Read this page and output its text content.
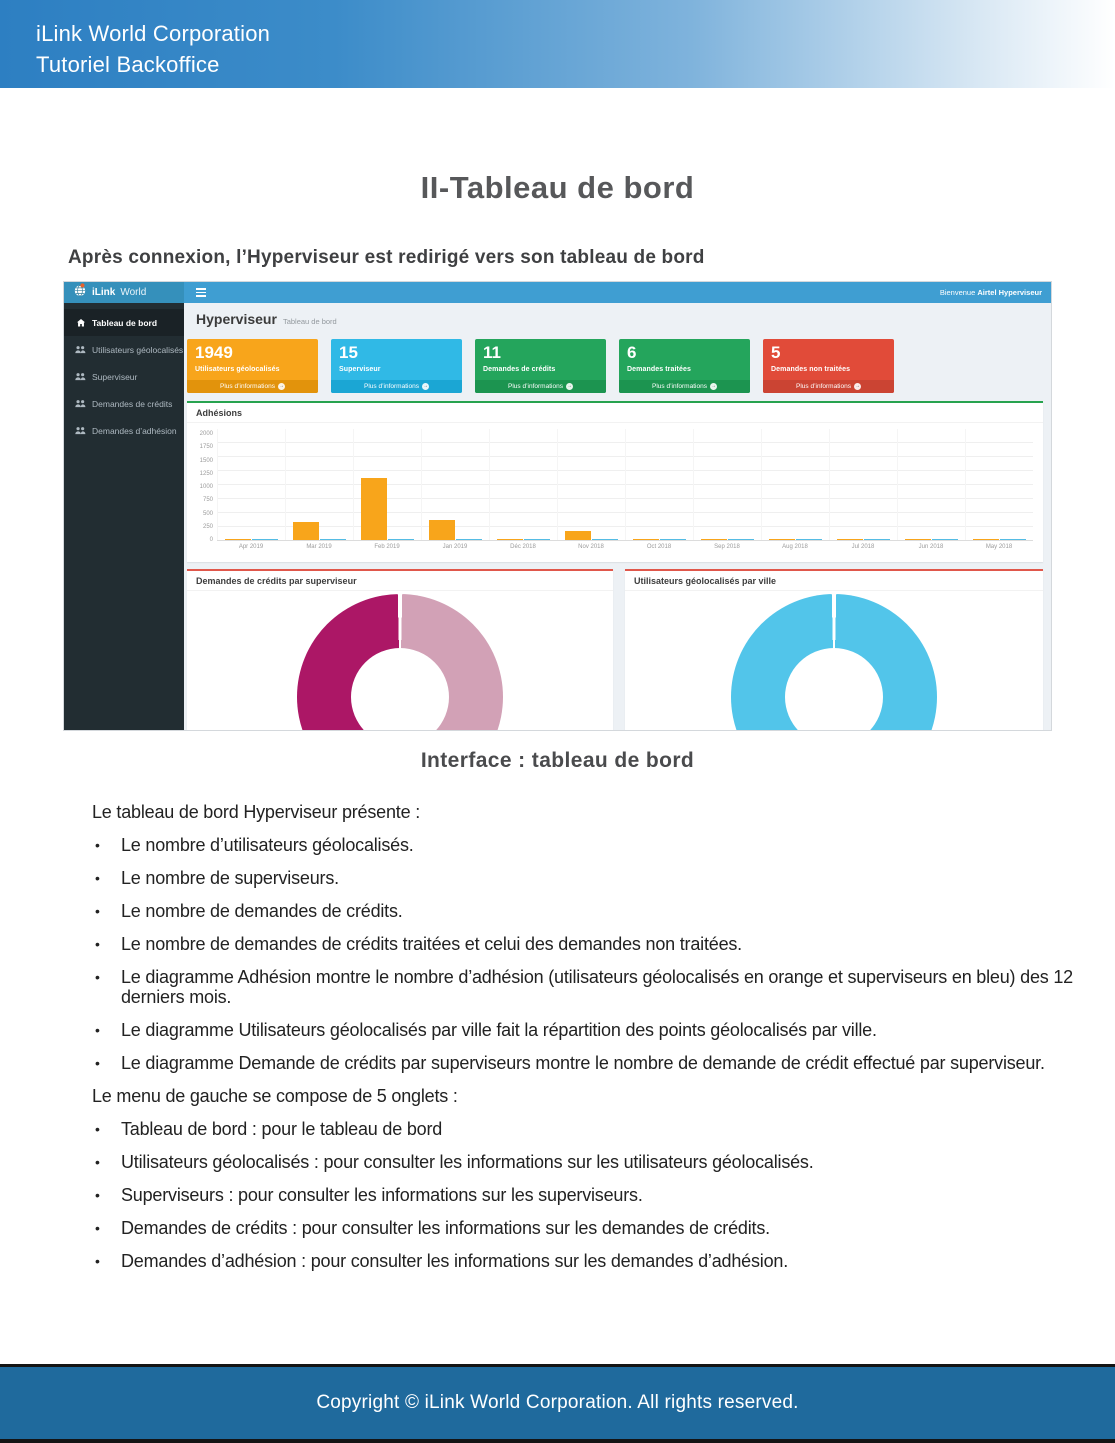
iLink World Corporation
Tutoriel Backoffice
II-Tableau de bord
Après connexion, l’Hyperviseur est redirigé vers son tableau de bord
iLink World	Bienvenue Airtel Hyperviseur
Tableau de bord
Utilisateurs géolocalisés
Superviseur
Demandes de crédits
Demandes d’adhésion
Hyperviseur Tableau de bord
1949
Utilisateurs géolocalisés
Plus d’informations →
15
Superviseur
Plus d’informations →
11
Demandes de crédits
Plus d’informations →
6
Demandes traitées
Plus d’informations →
5
Demandes non traitées
Plus d’informations →
Adhésions
2000
1750
1500
1250
1000
750
500
250
0
Apr 2019	Mar 2019	Feb 2019	Jan 2019	Déc 2018	Nov 2018	Oct 2018	Sep 2018	Aug 2018	Jul 2018	Jun 2018	May 2018
Demandes de crédits par superviseur	Utilisateurs géolocalisés par ville
Interface : tableau de bord
Le tableau de bord Hyperviseur présente :
• Le nombre d’utilisateurs géolocalisés.
• Le nombre de superviseurs.
• Le nombre de demandes de crédits.
• Le nombre de demandes de crédits traitées et celui des demandes non traitées.
• Le diagramme Adhésion montre le nombre d’adhésion (utilisateurs géolocalisés en orange et superviseurs en bleu) des 12 derniers mois.
• Le diagramme Utilisateurs géolocalisés par ville fait la répartition des points géolocalisés par ville.
• Le diagramme Demande de crédits par superviseurs montre le nombre de demande de crédit effectué par superviseur.
Le menu de gauche se compose de 5 onglets :
• Tableau de bord : pour le tableau de bord
• Utilisateurs géolocalisés : pour consulter les informations sur les utilisateurs géolocalisés.
• Superviseurs : pour consulter les informations sur les superviseurs.
• Demandes de crédits : pour consulter les informations sur les demandes de crédits.
• Demandes d’adhésion : pour consulter les informations sur les demandes d’adhésion.
Copyright © iLink World Corporation. All rights reserved.
